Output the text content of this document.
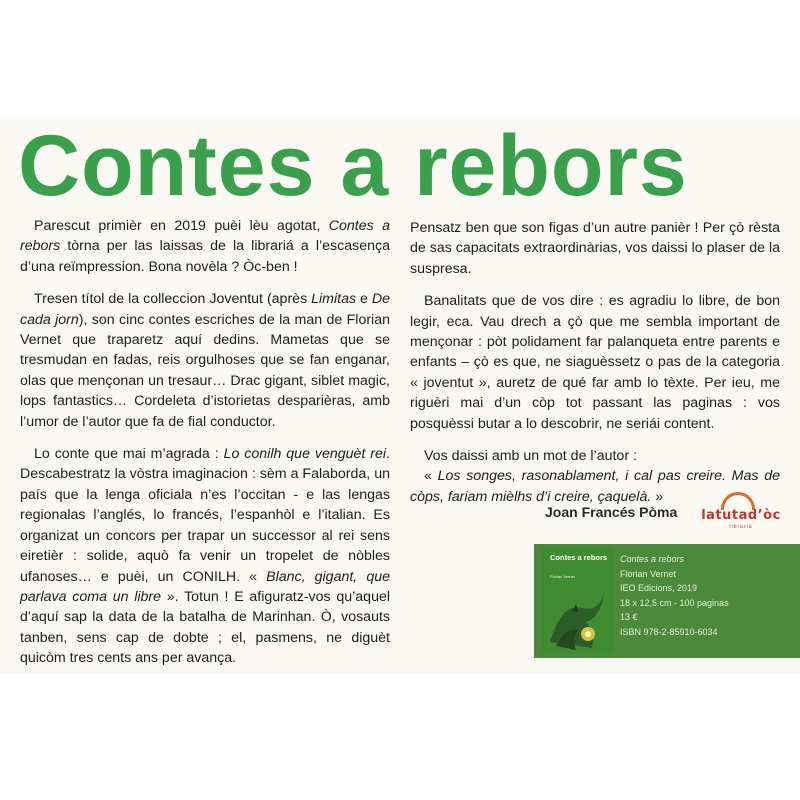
Contes a rebors

Parescut primièr en 2019 puèi lèu agotat, Contes a rebors tòrna per las laissas de la librariá a l’escasença d’una reïmpression. Bona novèla ? Òc-ben !

Tresen títol de la colleccion Joventut (après Limitas e De cada jorn), son cinc contes escriches de la man de Florian Vernet que traparetz aquí dedins. Mametas que se tresmudan en fadas, reis orgulhoses que se fan enganar, olas que mençonan un tresaur… Drac gigant, siblet magic, lops fantastics… Cordeleta d’istorietas desparièras, amb l’umor de l’autor que fa de fial conductor.

Lo conte que mai m’agrada : Lo conilh que venguèt rei. Descabestratz la vòstra imaginacion : sèm a Falaborda, un país que la lenga oficiala n’es l’occitan - e las lengas regionalas l’anglés, lo francés, l’espanhòl e l’italian. Es organizat un concors per trapar un successor al rei sens eiretièr : solide, aquò fa venir un tropelet de nòbles ufanoses… e puèi, un CONILH. « Blanc, gigant, que parlava coma un libre ». Totun ! E afiguratz-vos qu’aquel d’aquí sap la data de la batalha de Marinhan. Ò, vosauts tanben, sens cap de dobte ; el, pasmens, ne diguèt quicòm tres cents ans per avança.

Pensatz ben que son figas d’un autre panièr ! Per çò rèsta de sas capacitats extraordinàrias, vos daissi lo plaser de la suspresa.

Banalitats que de vos dire : es agradiu lo libre, de bon legir, eca. Vau drech a çò que me sembla important de mençonar : pòt polidament far palanqueta entre parents e enfants – çò es que, ne siaguèssetz o pas de la categoria « joventut », auretz de qué far amb lo tèxte. Per ieu, me riguèri mai d’un còp tot passant las paginas : vos posquèssi butar a lo descobrir, ne seriái content.

Vos daissi amb un mot de l’autor :

« Los songes, rasonablament, i cal pas creire. Mas de còps, fariam mièlhs d’i creire, çaquelà. »

Joan Francés Pòma latutad’òc
librariá
Contes a rebors
Florian Vernet
Contes a rebors
Florian Vernet
IEO Edicions, 2019
18 x 12,5 cm - 100 paginas
13 €
ISBN 978-2-85910-6034
